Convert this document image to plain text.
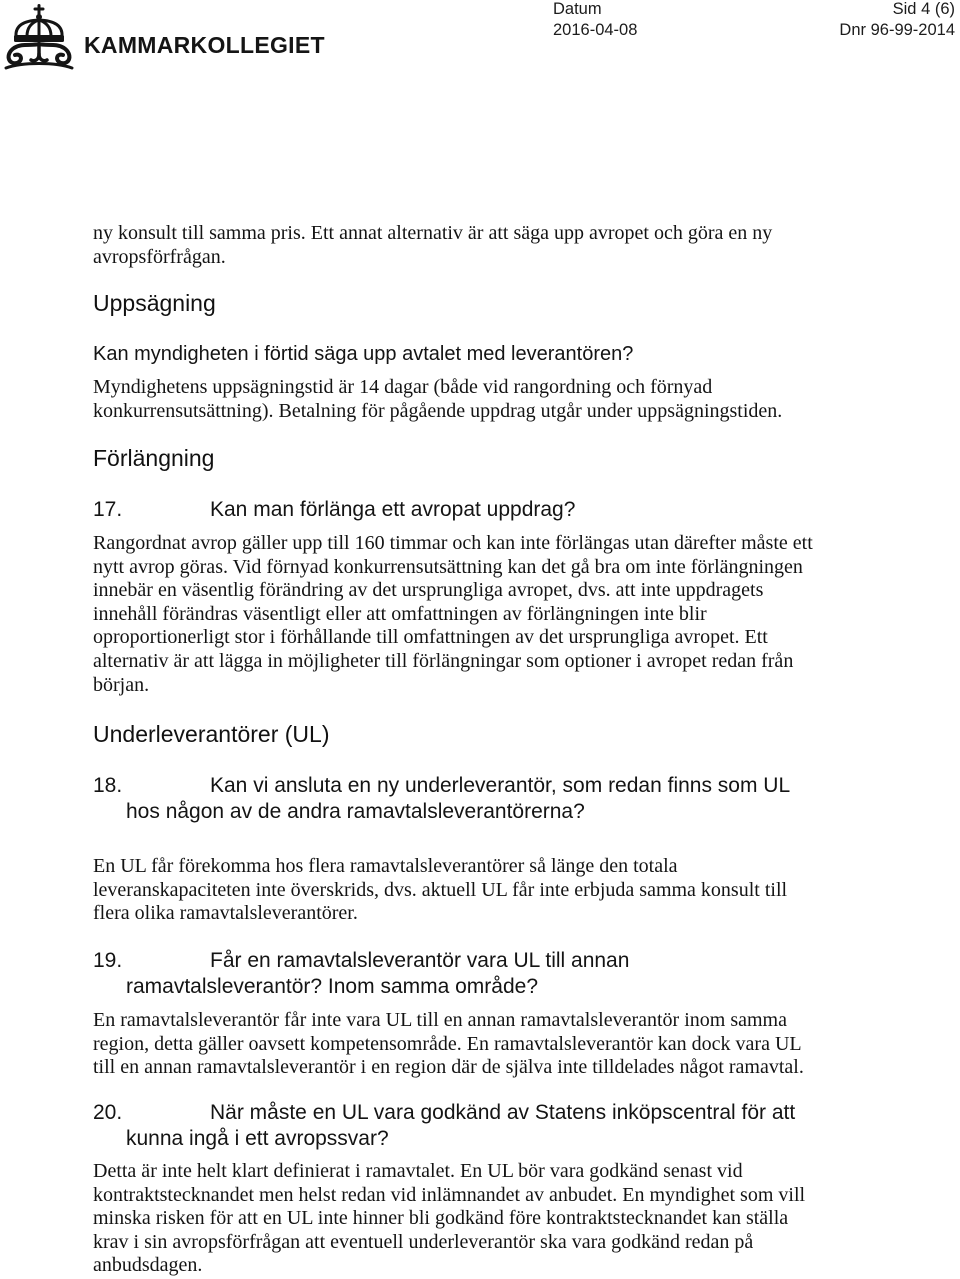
KAMMARKOLLEGIET
Datum
2016-04-08
Sid 4 (6)
Dnr 96-99-2014
ny konsult till samma pris. Ett annat alternativ är att säga upp avropet och göra en ny
avropsförfrågan.
Uppsägning
Kan myndigheten i förtid säga upp avtalet med leverantören?
Myndighetens uppsägningstid är 14 dagar (både vid rangordning och förnyad
konkurrensutsättning). Betalning för pågående uppdrag utgår under uppsägningstiden.
Förlängning
17.	Kan man förlänga ett avropat uppdrag?
Rangordnat avrop gäller upp till 160 timmar och kan inte förlängas utan därefter måste ett
nytt avrop göras. Vid förnyad konkurrensutsättning kan det gå bra om inte förlängningen
innebär en väsentlig förändring av det ursprungliga avropet, dvs. att inte uppdragets
innehåll förändras väsentligt eller att omfattningen av förlängningen inte blir
oproportionerligt stor i förhållande till omfattningen av det ursprungliga avropet. Ett
alternativ är att lägga in möjligheter till förlängningar som optioner i avropet redan från
början.
Underleverantörer (UL)
18.	Kan vi ansluta en ny underleverantör, som redan finns som UL
hos någon av de andra ramavtalsleverantörerna?
En UL får förekomma hos flera ramavtalsleverantörer så länge den totala
leveranskapaciteten inte överskrids, dvs. aktuell UL får inte erbjuda samma konsult till
flera olika ramavtalsleverantörer.
19.	Får en ramavtalsleverantör vara UL till annan
ramavtalsleverantör? Inom samma område?
En ramavtalsleverantör får inte vara UL till en annan ramavtalsleverantör inom samma
region, detta gäller oavsett kompetensområde. En ramavtalsleverantör kan dock vara UL
till en annan ramavtalsleverantör i en region där de själva inte tilldelades något ramavtal.
20.	När måste en UL vara godkänd av Statens inköpscentral för att
kunna ingå i ett avropssvar?
Detta är inte helt klart definierat i ramavtalet. En UL bör vara godkänd senast vid
kontraktstecknandet men helst redan vid inlämnandet av anbudet. En myndighet som vill
minska risken för att en UL inte hinner bli godkänd före kontraktstecknandet kan ställa
krav i sin avropsförfrågan att eventuell underleverantör ska vara godkänd redan på
anbudsdagen.
